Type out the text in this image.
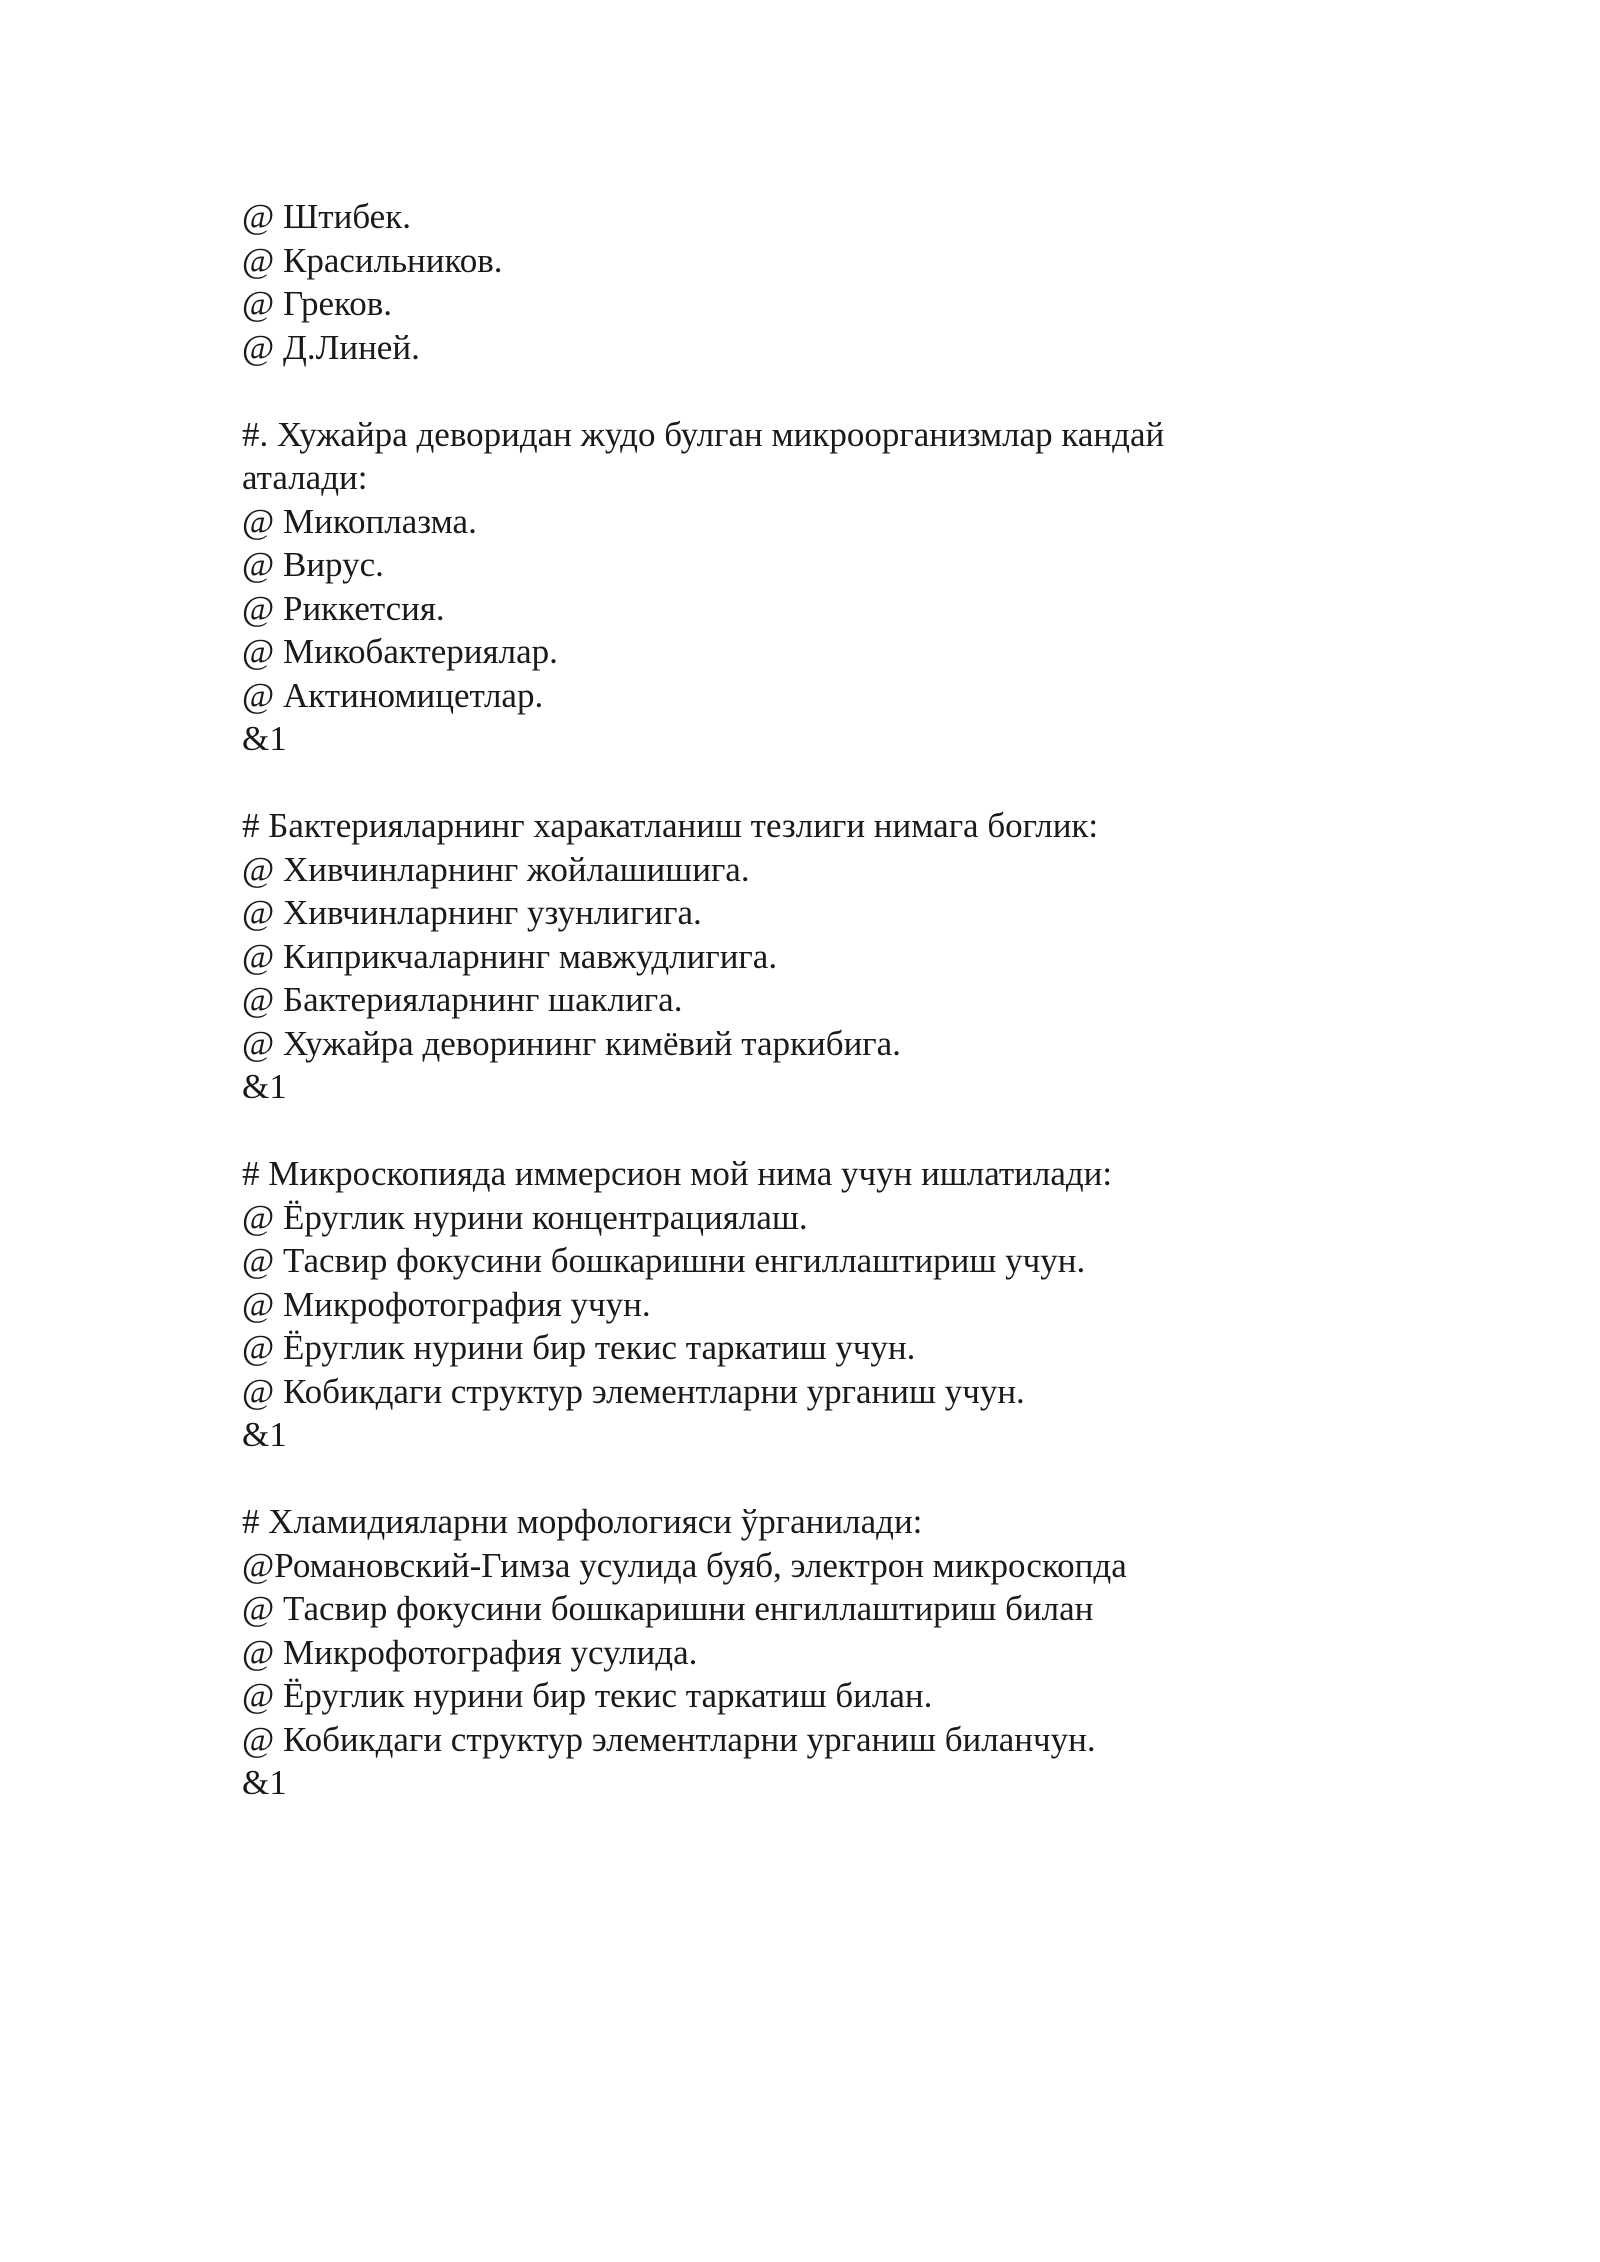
@ Штибек.
@ Красильников.
@ Греков.
@ Д.Линей.
#. Хужайра деворидан жудо булган микроорганизмлар кандай аталади:
@ Микоплазма.
@ Вирус.
@ Риккетсия.
@ Микобактериялар.
@ Актиномицетлар.
&1
# Бактерияларнинг харакатланиш тезлиги нимага боглик:
@ Хивчинларнинг жойлашишига.
@ Хивчинларнинг узунлигига.
@ Киприкчаларнинг мавжудлигига.
@ Бактерияларнинг шаклига.
@ Хужайра деворининг кимёвий таркибига.
&1
# Микроскопияда иммерсион мой нима учун ишлатилади:
@ Ёруглик нурини концентрациялаш.
@ Тасвир фокусини бошкаришни енгиллаштириш учун.
@ Микрофотография учун.
@ Ёруглик нурини бир текис таркатиш учун.
@ Кобикдаги структур элементларни урганиш учун.
&1
# Хламидияларни морфологияси ўрганилади:
@Романовский-Гимза усулида буяб, электрон микроскопда
@ Тасвир фокусини бошкаришни енгиллаштириш билан
@ Микрофотография усулида.
@ Ёруглик нурини бир текис таркатиш билан.
@ Кобикдаги структур элементларни урганиш биланчун.
&1
